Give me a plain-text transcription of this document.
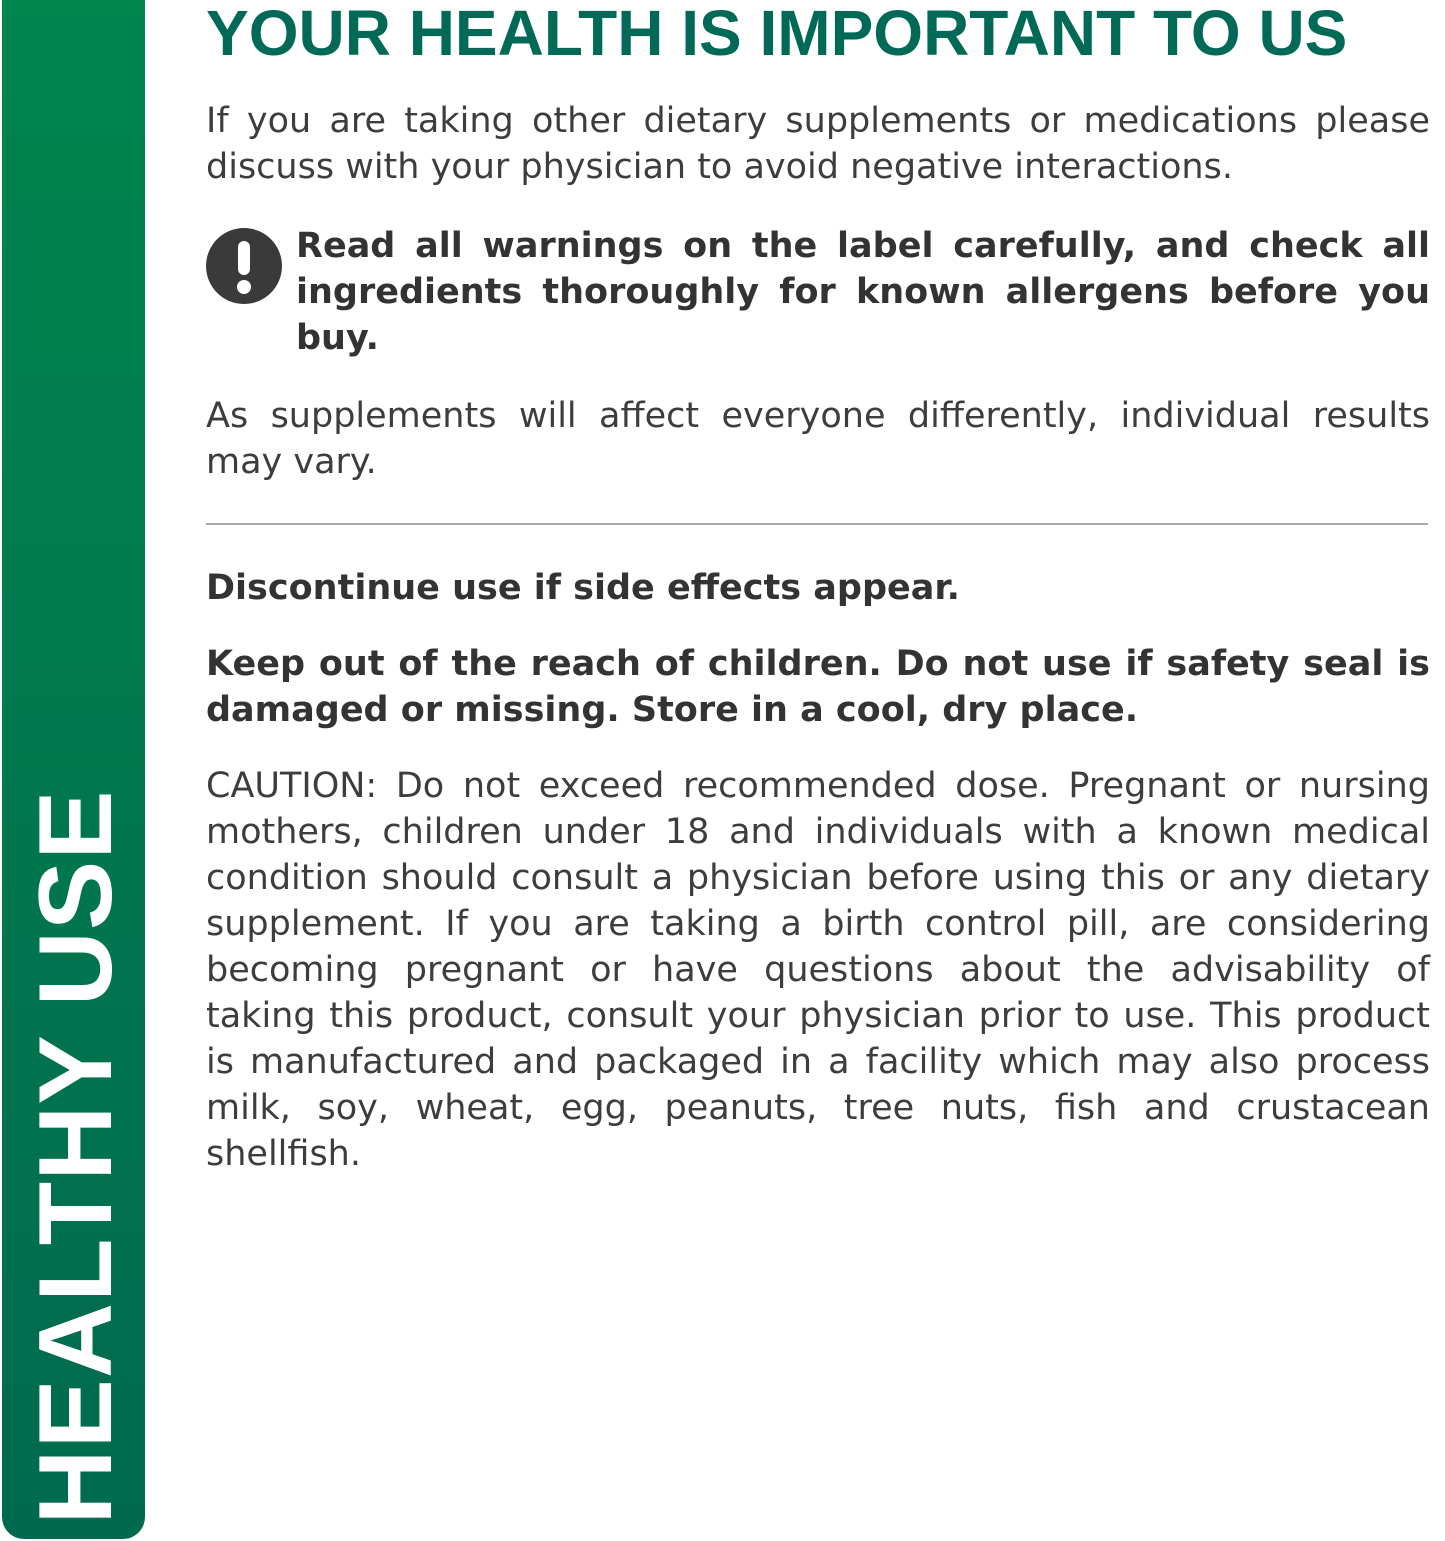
HEALTHY USE
YOUR HEALTH IS IMPORTANT TO US

If you are taking other dietary supplements or medications please discuss with your physician to avoid negative interactions.

Read all warnings on the label carefully, and check all ingredients thoroughly for known allergens before you buy.

As supplements will affect everyone differently, individual results may vary.

Discontinue use if side effects appear.

Keep out of the reach of children. Do not use if safety seal is damaged or missing. Store in a cool, dry place.

CAUTION: Do not exceed recommended dose. Pregnant or nursing mothers, children under 18 and individuals with a known medical condition should consult a physician before using this or any dietary supplement. If you are taking a birth control pill, are considering becoming pregnant or have questions about the advisability of taking this product, consult your physician prior to use. This product is manufactured and packaged in a facility which may also process milk, soy, wheat, egg, peanuts, tree nuts, fish and crustacean shellfish.
